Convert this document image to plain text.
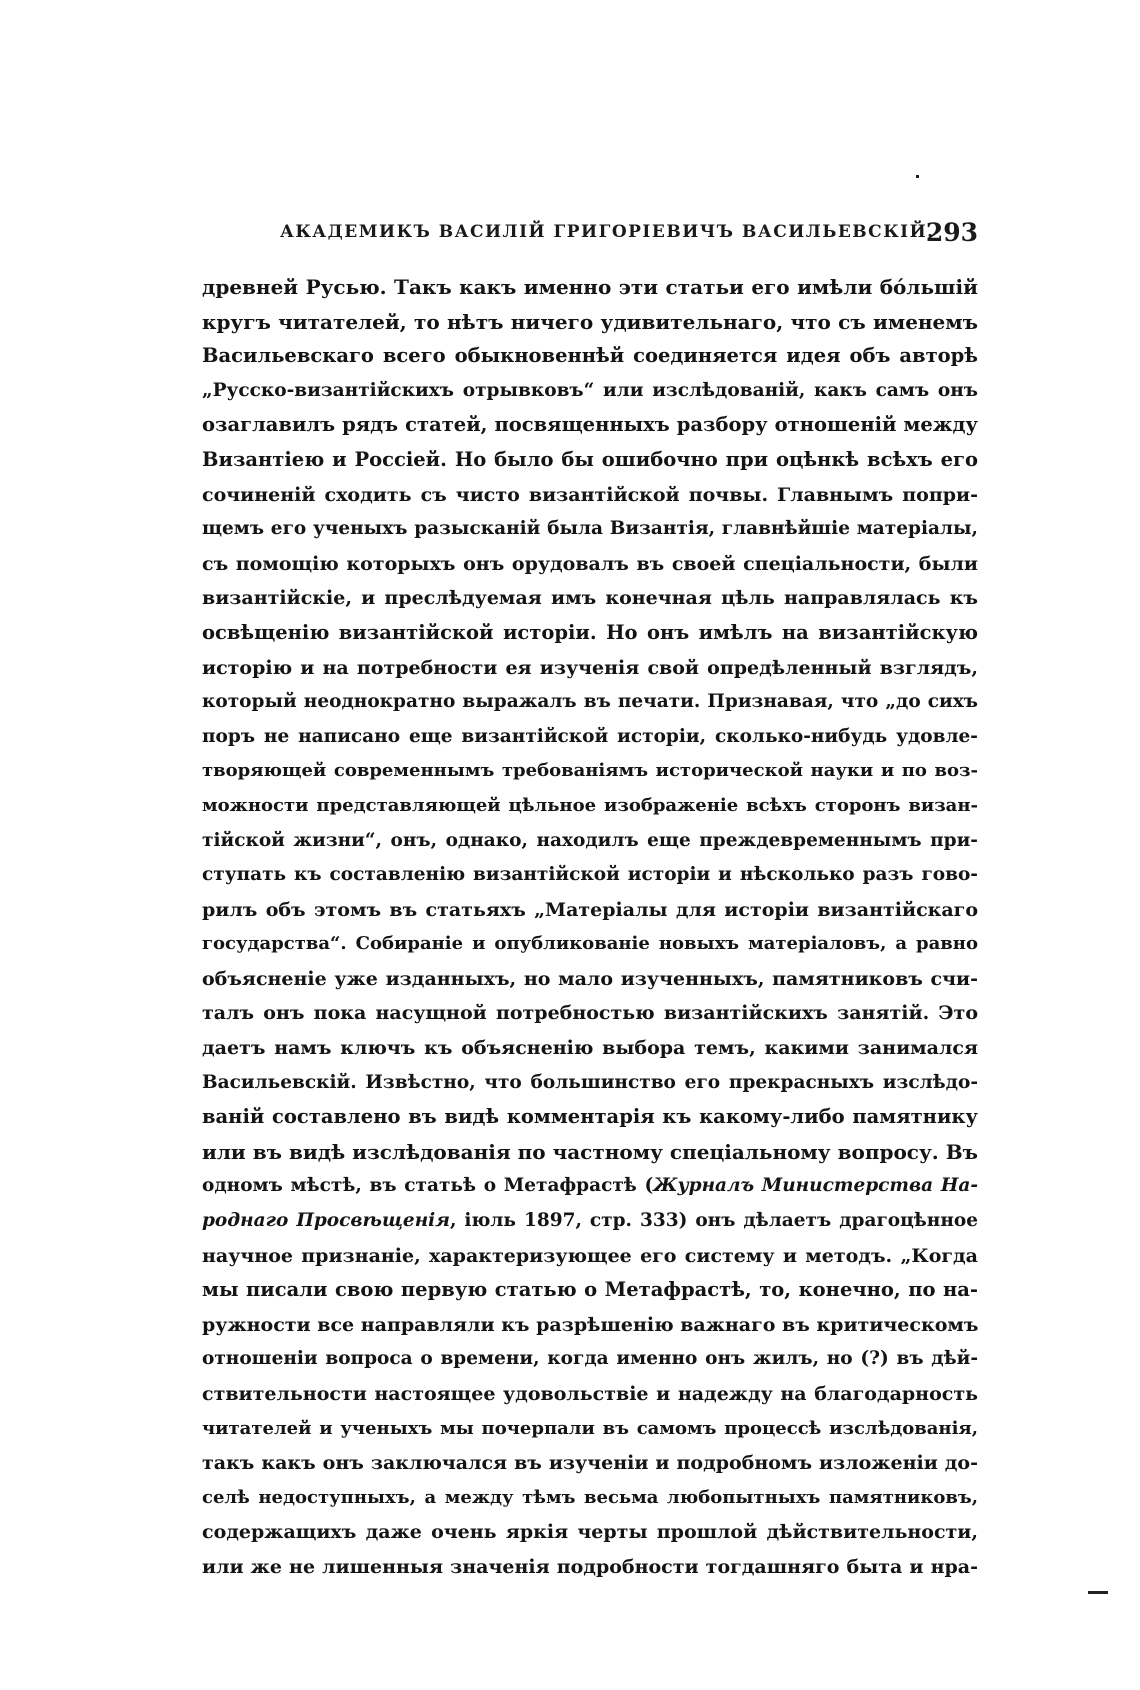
АКАДЕМИКЪ ВАСИЛІЙ ГРИГОРІЕВИЧЪ ВАСИЛЬЕВСКІЙ.
293
древней Русью. Такъ какъ именно эти статьи его имѣли бóльшій
кругъ читателей, то нѣтъ ничего удивительнаго, что съ именемъ
Васильевскаго всего обыкновеннѣй соединяется идея объ авторѣ
„Русско-византійскихъ отрывковъ“ или изслѣдованій, какъ самъ онъ
озаглавилъ рядъ статей, посвященныхъ разбору отношеній между
Византіею и Россіей. Но было бы ошибочно при оцѣнкѣ всѣхъ его
сочиненій сходить съ чисто византійской почвы. Главнымъ попри-
щемъ его ученыхъ разысканій была Византія, главнѣйшіе матеріалы,
съ помощію которыхъ онъ орудовалъ въ своей спеціальности, были
византійскіе, и преслѣдуемая имъ конечная цѣль направлялась къ
освѣщенію византійской исторіи. Но онъ имѣлъ на византійскую
исторію и на потребности ея изученія свой опредѣленный взглядъ,
который неоднократно выражалъ въ печати. Признавая, что „до сихъ
поръ не написано еще византійской исторіи, сколько-нибудь удовле-
творяющей современнымъ требованіямъ исторической науки и по воз-
можности представляющей цѣльное изображеніе всѣхъ сторонъ визан-
тійской жизни“, онъ, однако, находилъ еще преждевременнымъ при-
ступать къ составленію византійской исторіи и нѣсколько разъ гово-
рилъ объ этомъ въ статьяхъ „Матеріалы для исторіи византійскаго
государства“. Собираніе и опубликованіе новыхъ матеріаловъ, а равно
объясненіе уже изданныхъ, но мало изученныхъ, памятниковъ счи-
талъ онъ пока насущной потребностью византійскихъ занятій. Это
даетъ намъ ключъ къ объясненію выбора темъ, какими занимался
Васильевскій. Извѣстно, что большинство его прекрасныхъ изслѣдо-
ваній составлено въ видѣ комментарія къ какому-либо памятнику
или въ видѣ изслѣдованія по частному спеціальному вопросу. Въ
одномъ мѣстѣ, въ статьѣ о Метафрастѣ (Журналъ Министерства На-
роднаго Просвѣщенія, іюль 1897, стр. 333) онъ дѣлаетъ драгоцѣнное
научное признаніе, характеризующее его систему и методъ. „Когда
мы писали свою первую статью о Метафрастѣ, то, конечно, по на-
ружности все направляли къ разрѣшенію важнаго въ критическомъ
отношеніи вопроса о времени, когда именно онъ жилъ, но (?) въ дѣй-
ствительности настоящее удовольствіе и надежду на благодарность
читателей и ученыхъ мы почерпали въ самомъ процессѣ изслѣдованія,
такъ какъ онъ заключался въ изученіи и подробномъ изложеніи до-
селѣ недоступныхъ, а между тѣмъ весьма любопытныхъ памятниковъ,
содержащихъ даже очень яркія черты прошлой дѣйствительности,
или же не лишенныя значенія подробности тогдашняго быта и нра-
